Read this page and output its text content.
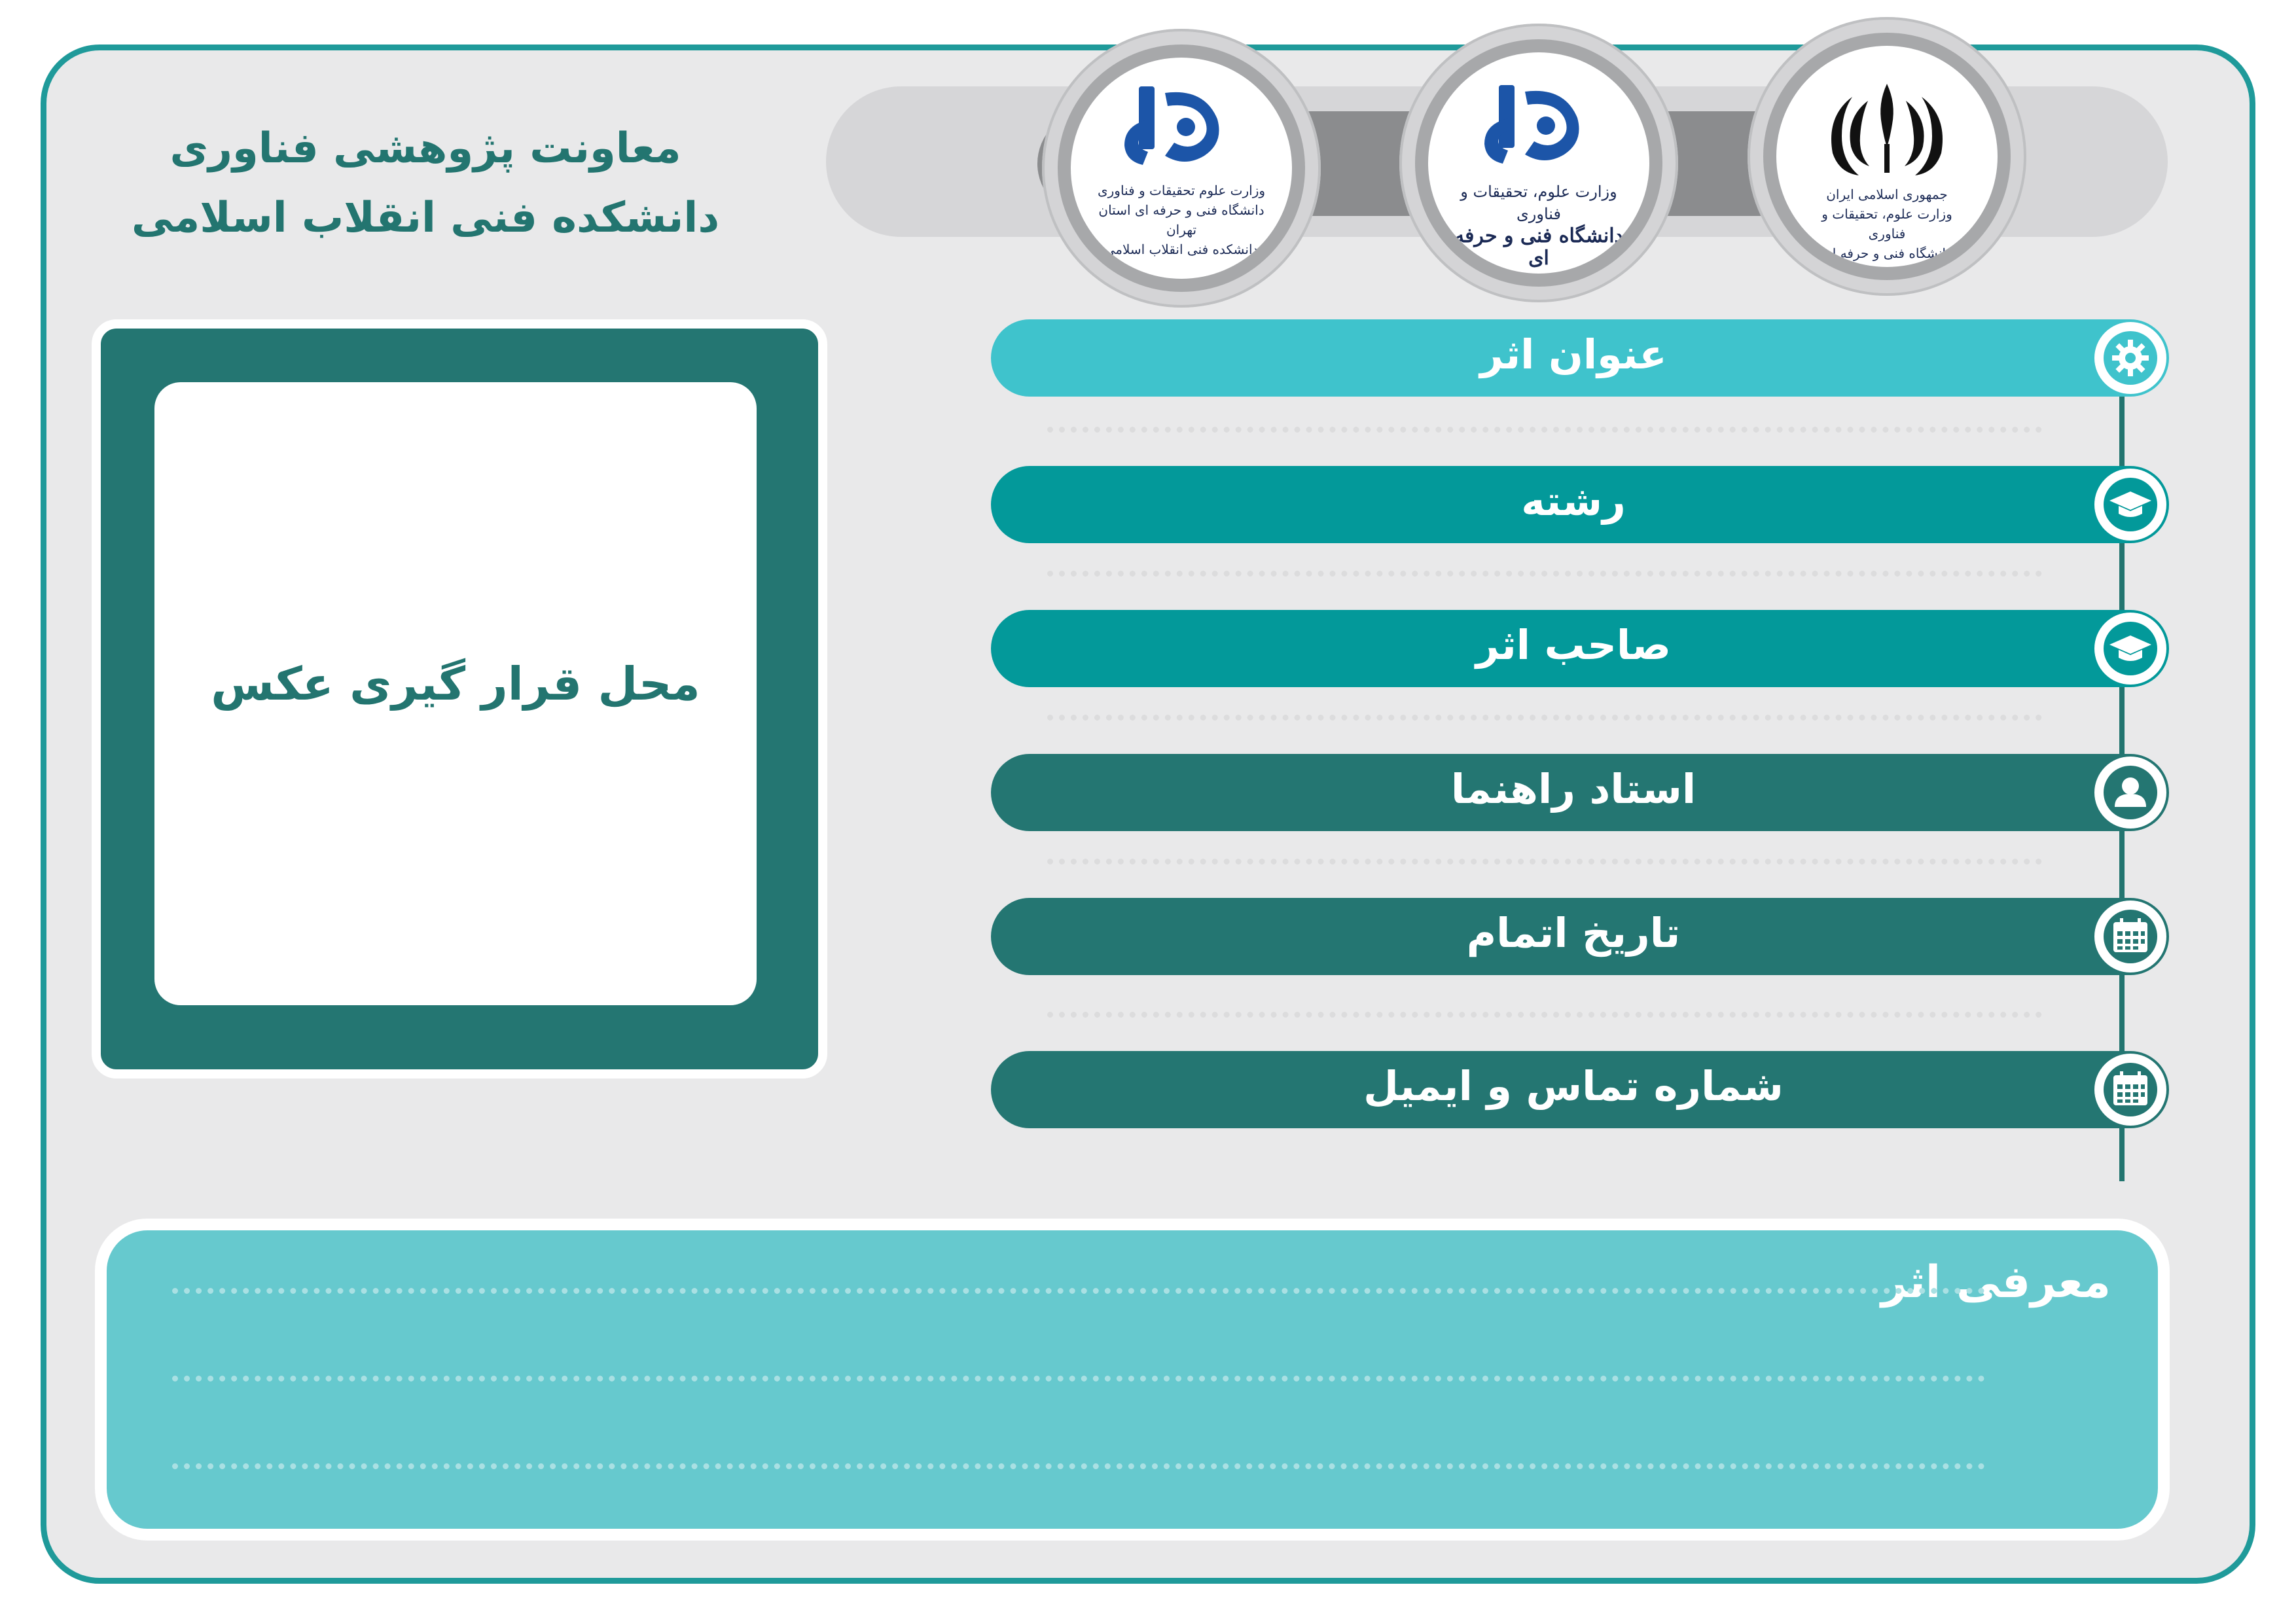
جمهوری اسلامی ایران
وزارت علوم، تحقیقات و فناوری
دانشگاه فنی و حرفه ای
وزارت علوم، تحقیقات و فناوری
دانشگاه فنی و حرفه ای
وزارت علوم تحقیقات و فناوری
دانشگاه فنی و حرفه ای استان تهران
دانشکده فنی انقلاب اسلامی
معاونت پژوهشی فناوری
دانشکده فنی انقلاب اسلامی
محل قرار گیری عکس
عنوان اثر
رشته
صاحب اثر
استاد راهنما
تاریخ اتمام
شماره تماس و ایمیل
معرفی اثر
